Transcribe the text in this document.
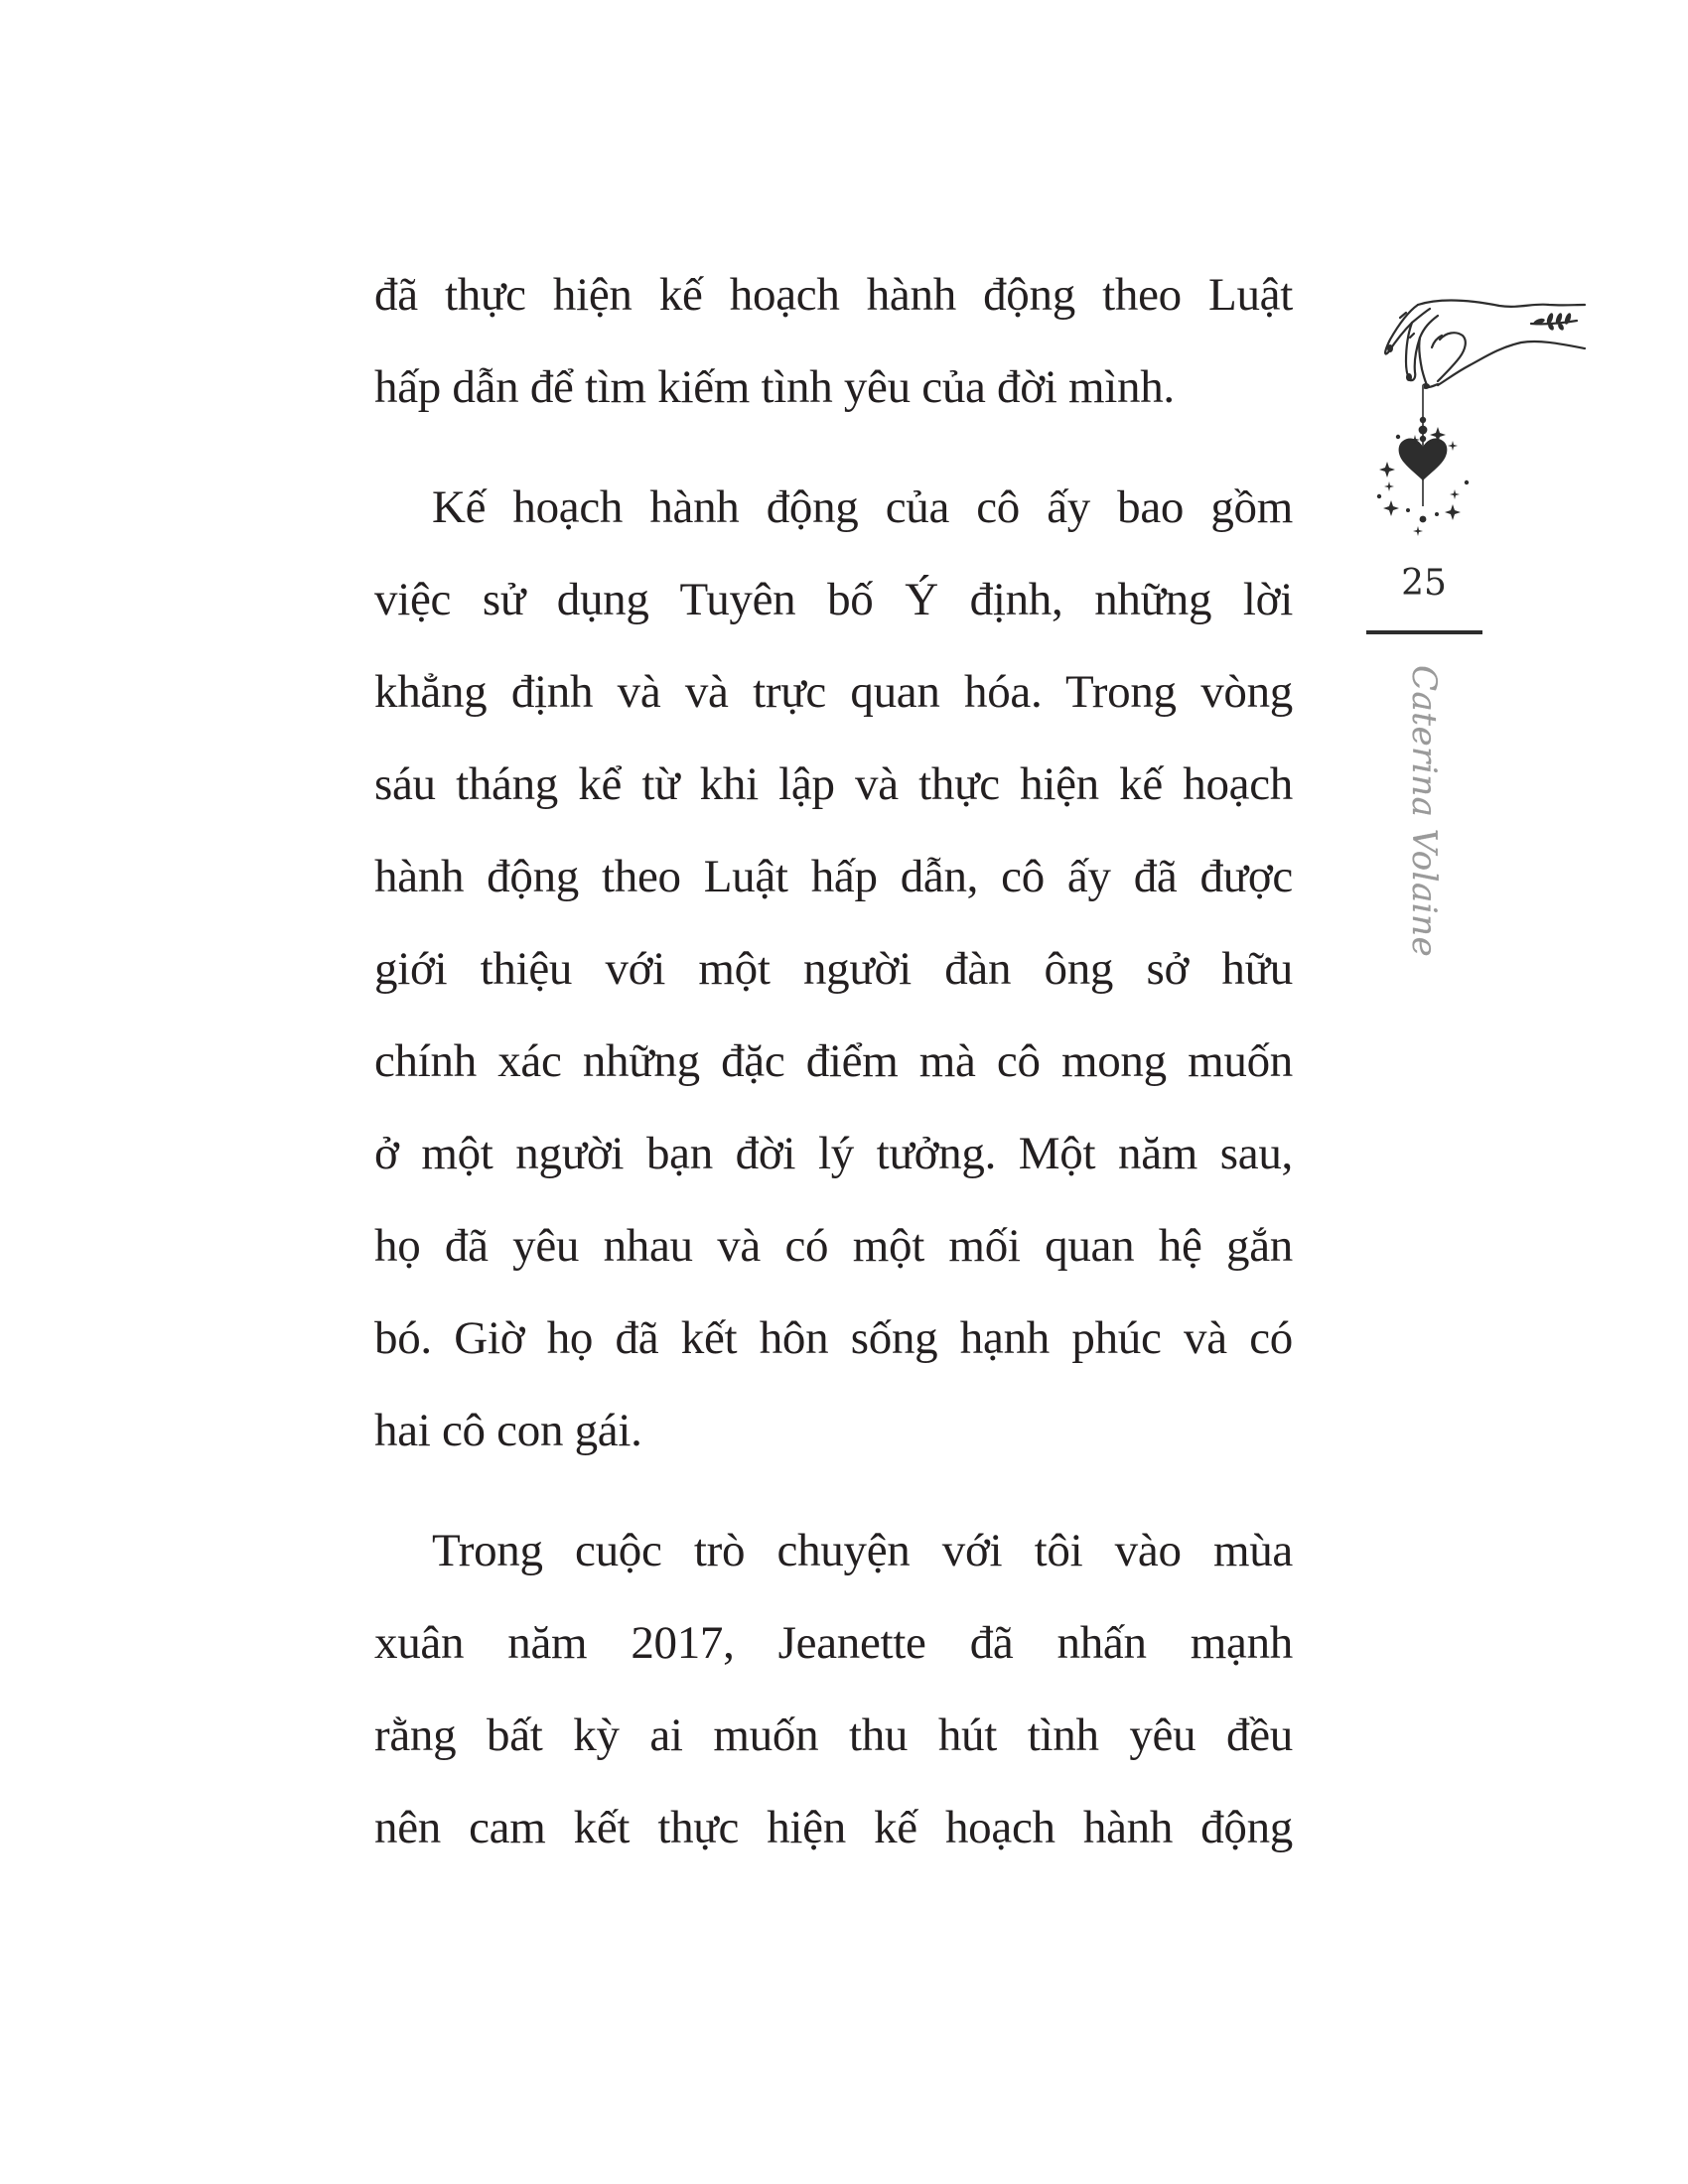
đã thực hiện kế hoạch hành động theo Luật
hấp dẫn để tìm kiếm tình yêu của đời mình.

Kế hoạch hành động của cô ấy bao gồm
việc sử dụng Tuyên bố Ý định, những lời
khẳng định và và trực quan hóa. Trong vòng
sáu tháng kể từ khi lập và thực hiện kế hoạch
hành động theo Luật hấp dẫn, cô ấy đã được
giới thiệu với một người đàn ông sở hữu
chính xác những đặc điểm mà cô mong muốn
ở một người bạn đời lý tưởng. Một năm sau,
họ đã yêu nhau và có một mối quan hệ gắn
bó. Giờ họ đã kết hôn sống hạnh phúc và có
hai cô con gái.

Trong cuộc trò chuyện với tôi vào mùa
xuân năm 2017, Jeanette đã nhấn mạnh
rằng bất kỳ ai muốn thu hút tình yêu đều
nên cam kết thực hiện kế hoạch hành động

25
Caterina Volaine
